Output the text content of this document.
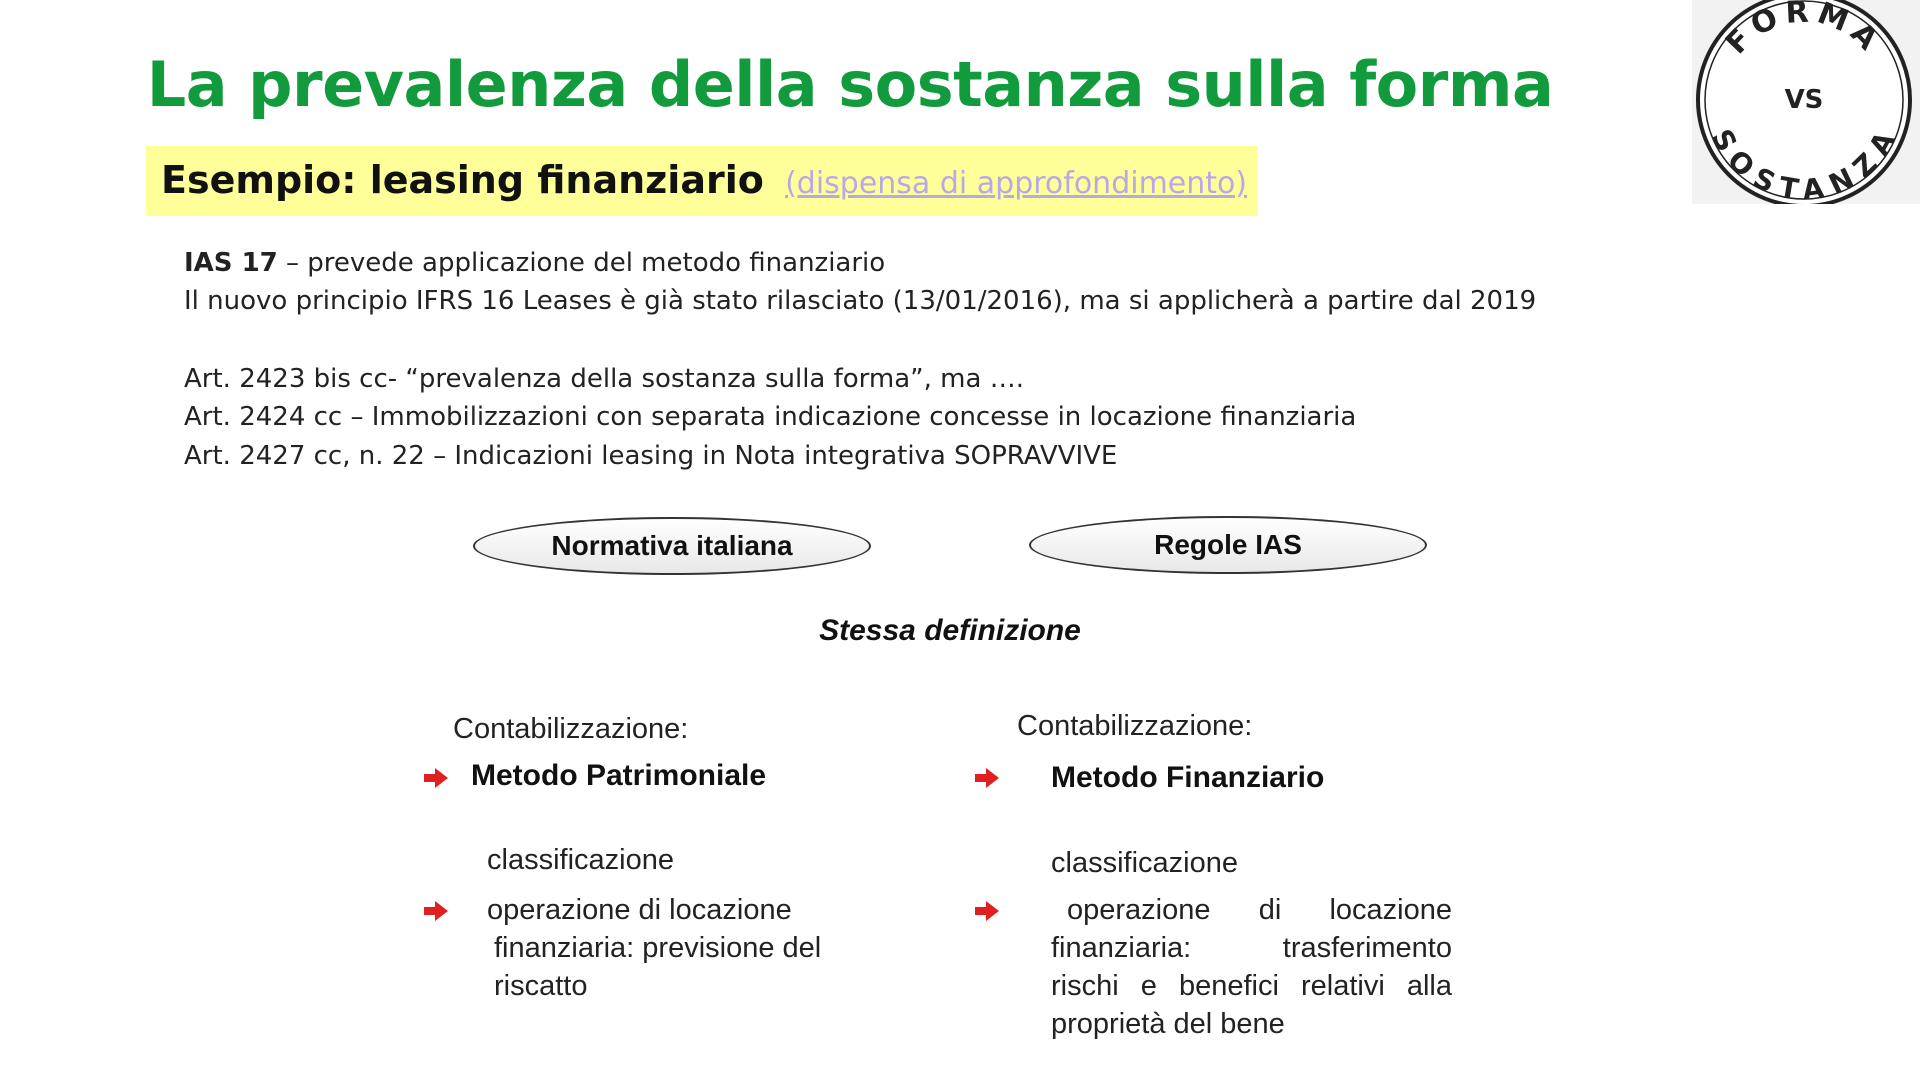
La prevalenza della sostanza sulla forma
Esempio: leasing finanziario (dispensa di approfondimento)
IAS 17 – prevede applicazione del metodo finanziario
Il nuovo principio IFRS 16 Leases è già stato rilasciato (13/01/2016), ma si applicherà a partire dal 2019
Art. 2423 bis cc- “prevalenza della sostanza sulla forma”, ma ….
Art. 2424 cc – Immobilizzazioni con separata indicazione concesse in locazione finanziaria
Art. 2427 cc, n. 22 – Indicazioni leasing in Nota integrativa SOPRAVVIVE
Normativa italiana	Regole IAS
Stessa definizione
Contabilizzazione:
Metodo Patrimoniale
classificazione
operazione di locazione
finanziaria: previsione del
riscatto
Contabilizzazione:
Metodo Finanziario
classificazione
operazione di locazione
finanziaria: trasferimento
rischi e benefici relativi alla
proprietà del bene
FORMA
VS
SOSTANZA
